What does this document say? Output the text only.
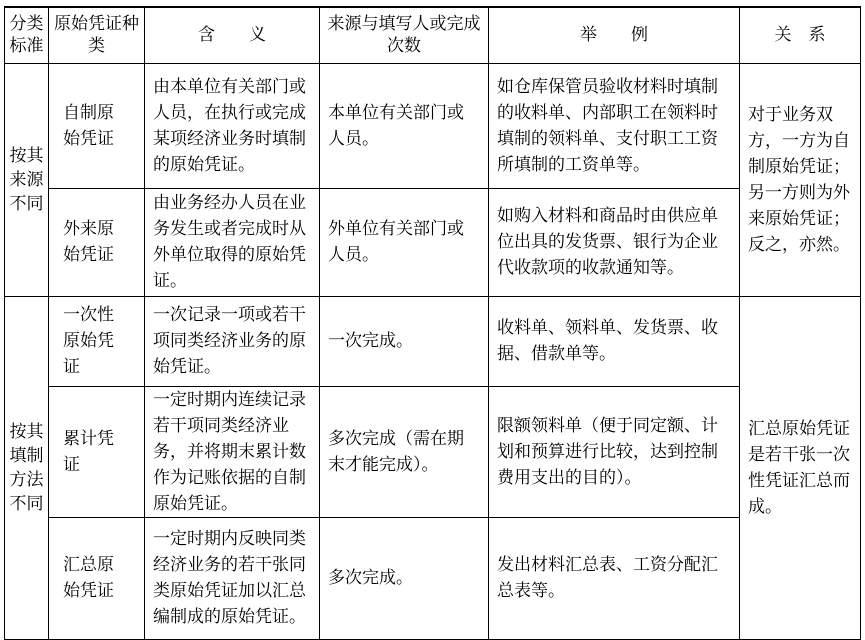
分类标准	原始凭证种类	含　　义	来源与填写人或完成次数	举　　例	关　系
按其来源不同	自制原始凭证	由本单位有关部门或人员，在执行或完成某项经济业务时填制的原始凭证。	本单位有关部门或人员。	如仓库保管员验收材料时填制的收料单、内部职工在领料时填制的领料单、支付职工工资所填制的工资单等。	对于业务双方，一方为自制原始凭证；另一方则为外来原始凭证；反之，亦然。
	外来原始凭证	由业务经办人员在业务发生或者完成时从外单位取得的原始凭证。	外单位有关部门或人员。	如购入材料和商品时由供应单位出具的发货票、银行为企业代收款项的收款通知等。	
按其填制方法不同	一次性原始凭证	一次记录一项或若干项同类经济业务的原始凭证。	一次完成。	收料单、领料单、发货票、收据、借款单等。	汇总原始凭证是若干张一次性凭证汇总而成。
	累计凭证	一定时期内连续记录若干项同类经济业务，并将期末累计数作为记账依据的自制原始凭证。	多次完成（需在期末才能完成）。	限额领料单（便于同定额、计划和预算进行比较，达到控制费用支出的目的）。	
	汇总原始凭证	一定时期内反映同类经济业务的若干张同类原始凭证加以汇总编制成的原始凭证。	多次完成。	发出材料汇总表、工资分配汇总表等。	
